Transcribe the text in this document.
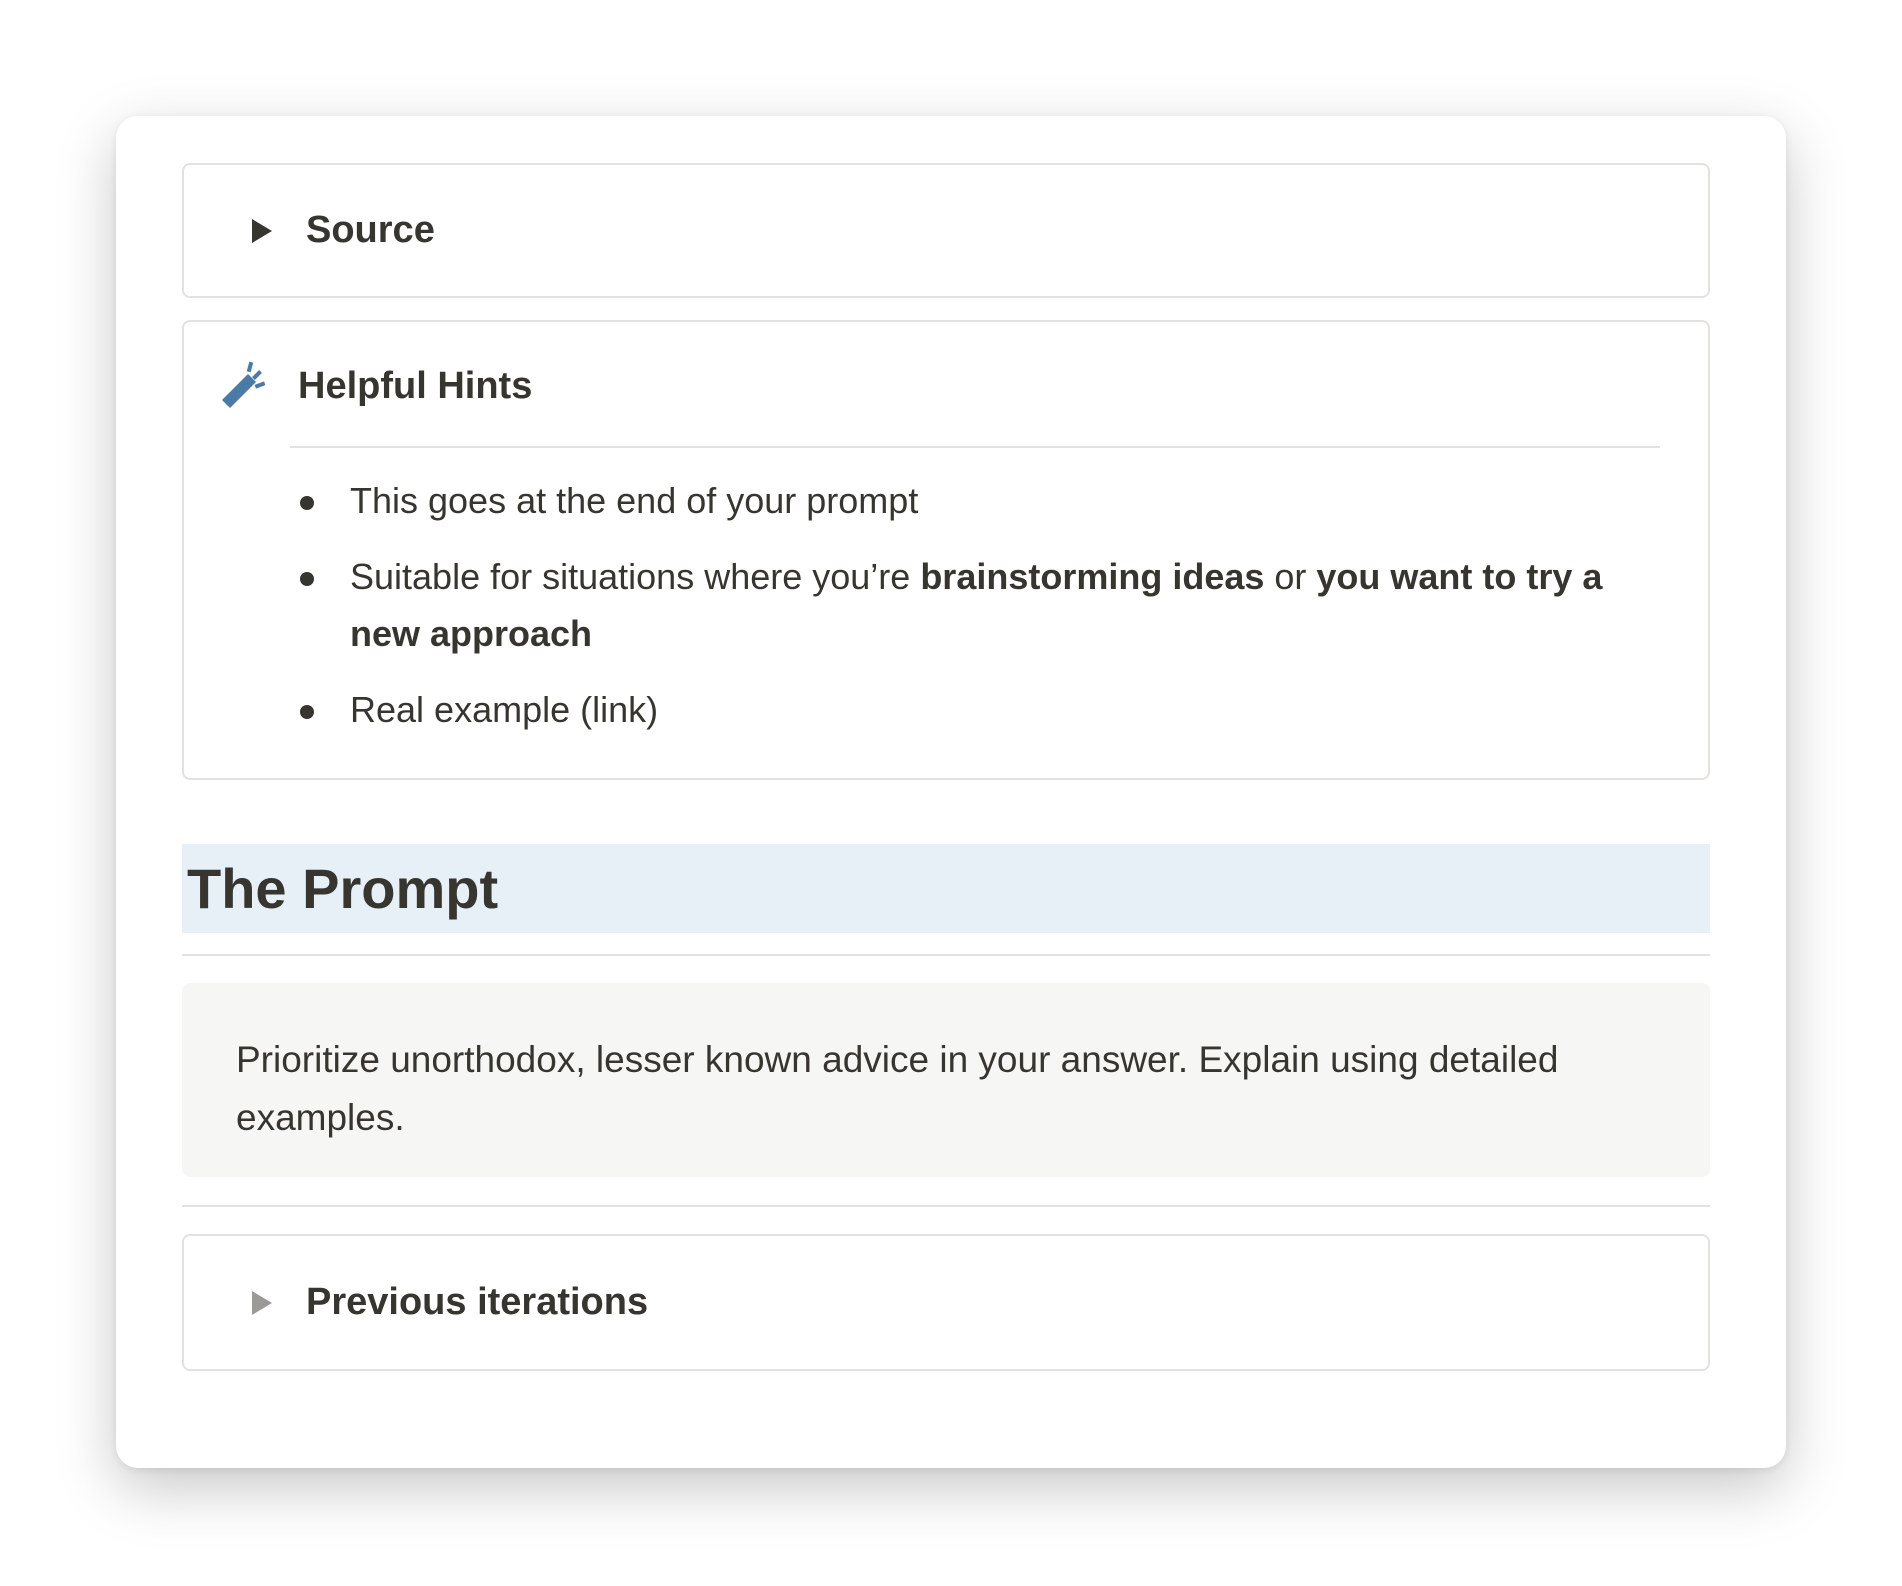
Source
Helpful Hints
This goes at the end of your prompt
Suitable for situations where you’re brainstorming ideas or you want to try a new approach
Real example (link)
The Prompt
Prioritize unorthodox, lesser known advice in your answer. Explain using detailed examples.
Previous iterations
